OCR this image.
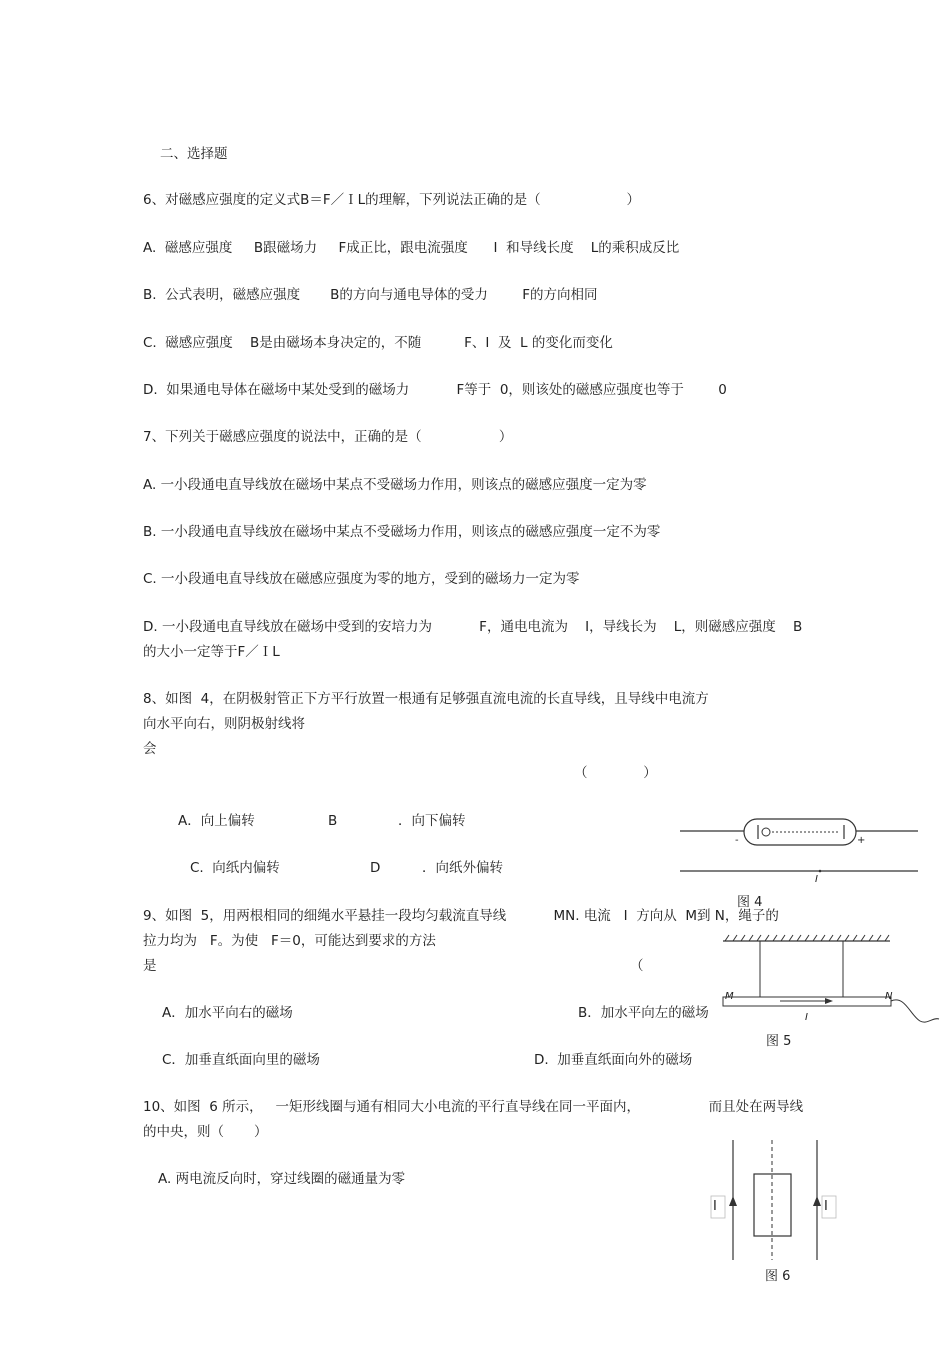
二、选择题
6、对磁感应强度的定义式B＝F／ＩL的理解，下列说法正确的是（                    ）
A.  磁感应强度     B跟磁场力     F成正比，跟电流强度      I  和导线长度    L的乘积成反比
B.  公式表明，磁感应强度       B的方向与通电导体的受力        F的方向相同
C.  磁感应强度    B是由磁场本身决定的，不随          F、I  及  L 的变化而变化
D.  如果通电导体在磁场中某处受到的磁场力           F等于  0，则该处的磁感应强度也等于        0
7、下列关于磁感应强度的说法中，正确的是（                  ）
A. 一小段通电直导线放在磁场中某点不受磁场力作用，则该点的磁感应强度一定为零
B. 一小段通电直导线放在磁场中某点不受磁场力作用，则该点的磁感应强度一定不为零
C. 一小段通电直导线放在磁感应强度为零的地方，受到的磁场力一定为零
D. 一小段通电直导线放在磁场中受到的安培力为           F，通电电流为    I，导线长为    L，则磁感应强度    B
的大小一定等于F／ＩL
8、如图  4，在阴极射管正下方平行放置一根通有足够强直流电流的长直导线，且导线中电流方
向水平向右，则阴极射线将
会
（             ）
A．向上偏转	B	．向下偏转
C.  向纸内偏转	D	．向纸外偏转
-	+
I
图 4
9、如图  5，用两根相同的细绳水平悬挂一段均匀载流直导线           MN. 电流   I  方向从  M到 N，绳子的
拉力均为   F。为使   F＝0，可能达到要求的方法
是	（
A．加水平向右的磁场	B．加水平向左的磁场
C．加垂直纸面向里的磁场	D.  加垂直纸面向外的磁场
M	N
I
图 5
10、如图  6 所示，   一矩形线圈与通有相同大小电流的平行直导线在同一平面内，                而且处在两导线
的中央，则（       ）
A. 两电流反向时，穿过线圈的磁通量为零
I	I
图 6
